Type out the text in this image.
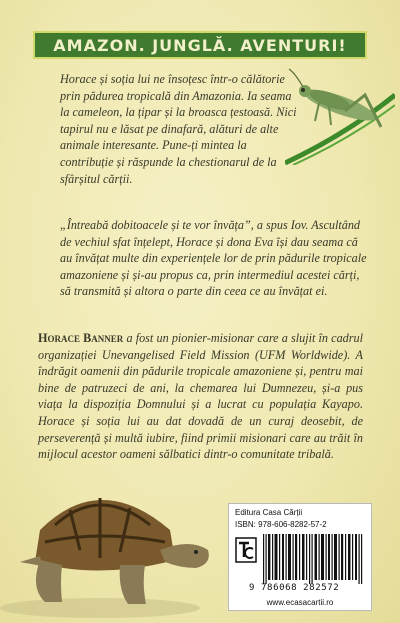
AMAZON. JUNGLĂ. AVENTURI!

Horace și soția lui ne însoțesc într-o călătorie prin pădurea tropicală din Amazonia. Ia seama la cameleon, la țipar și la broasca țestoasă. Nici tapirul nu e lăsat pe dinafară, alături de alte animale interesante. Pune-ți mintea la contribuție și răspunde la chestionarul de la sfârșitul cărții.

„Întreabă dobitoacele și te vor învăța”, a spus Iov. Ascultând de vechiul sfat înțelept, Horace și dona Eva își dau seama că au învățat multe din experiențele lor de prin pădurile tropicale amazoniene și și-au propus ca, prin intermediul acestei cărți, să transmită și altora o parte din ceea ce au învățat ei.

Horace Banner a fost un pionier-misionar care a slujit în cadrul organizației Unevangelised Field Mission (UFM Worldwide). A îndrăgit oamenii din pădurile tropicale amazoniene și, pentru mai bine de patruzeci de ani, la chemarea lui Dumnezeu, și-a pus viața la dispoziția Domnului și a lucrat cu populația Kayapo. Horace și soția lui au dat dovadă de un curaj deosebit, de perseverență și multă iubire, fiind primii misionari care au trăit în mijlocul acestor oameni sălbatici dintr-o comunitate tribală.

Editura Casa Cărții
ISBN: 978-606-8282-57-2
9 786068 282572
www.ecasacartii.ro
